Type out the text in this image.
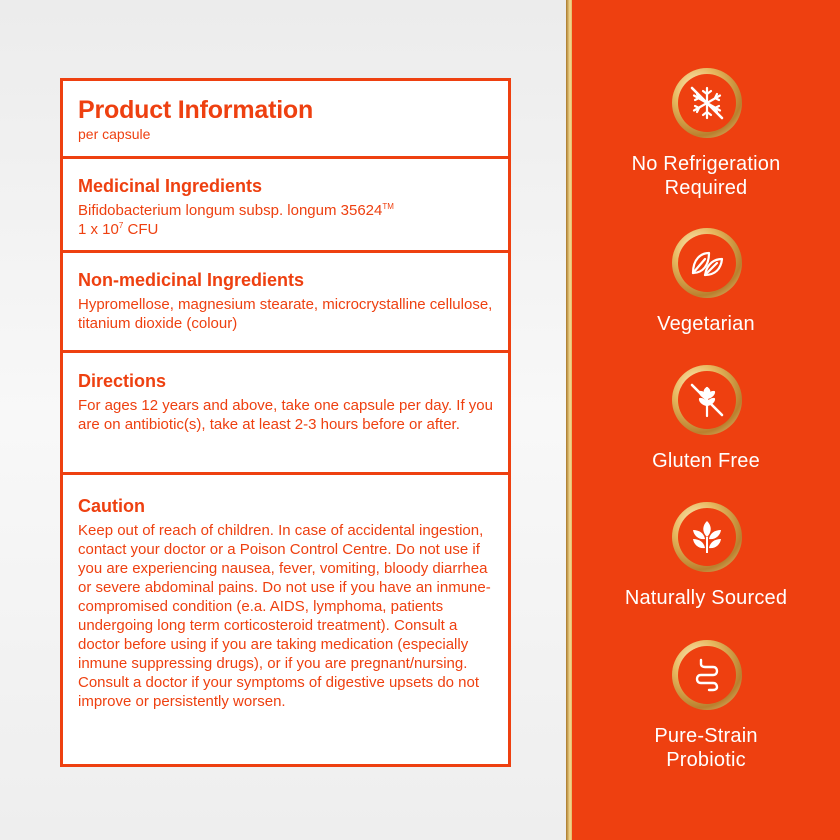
Product Information
per capsule
Medicinal Ingredients
Bifidobacterium longum subsp. longum 35624™
1 x $10^7$ CFU
Non-medicinal Ingredients
Hypromellose, magnesium stearate, microcrystalline cellulose, titanium dioxide (colour)
Directions
For ages 12 years and above, take one capsule per day. If you are on antibiotic(s), take at least 2-3 hours before or after.
Caution
Keep out of reach of children. In case of accidental ingestion, contact your doctor or a Poison Control Centre. Do not use if you are experiencing nausea, fever, vomiting, bloody diarrhea or severe abdominal pains. Do not use if you have an inmune-compromised condition (e.a. AIDS, lymphoma, patients undergoing long term corticosteroid treatment). Consult a doctor before using if you are taking medication (especially inmune suppressing drugs), or if you are pregnant/nursing. Consult a doctor if your symptoms of digestive upsets do not improve or persistently worsen.
No Refrigeration
Required
Vegetarian
Gluten Free
Naturally Sourced
Pure-Strain
Probiotic
